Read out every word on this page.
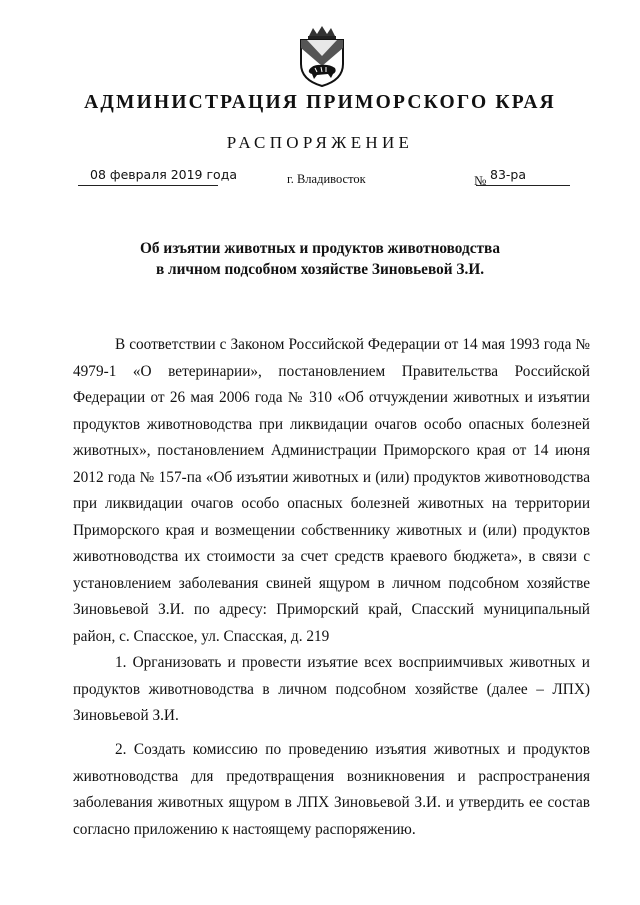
АДМИНИСТРАЦИЯ ПРИМОРСКОГО КРАЯ
РАСПОРЯЖЕНИЕ
08 февраля 2019 года	г. Владивосток	№ 83-ра
Об изъятии животных и продуктов животноводства
в личном подсобном хозяйстве Зиновьевой З.И.

В соответствии с Законом Российской Федерации от 14 мая 1993 года № 4979-1 «О ветеринарии», постановлением Правительства Российской Федерации от 26 мая 2006 года № 310 «Об отчуждении животных и изъятии продуктов животноводства при ликвидации очагов особо опасных болезней животных», постановлением Администрации Приморского края от 14 июня 2012 года № 157-па «Об изъятии животных и (или) продуктов животноводства при ликвидации очагов особо опасных болезней животных на территории Приморского края и возмещении собственнику животных и (или) продуктов животноводства их стоимости за счет средств краевого бюджета», в связи с установлением заболевания свиней ящуром в личном подсобном хозяйстве Зиновьевой З.И. по адресу: Приморский край, Спасский муниципальный район, с. Спасское, ул. Спасская, д. 219

1. Организовать и провести изъятие всех восприимчивых животных и продуктов животноводства в личном подсобном хозяйстве (далее – ЛПХ) Зиновьевой З.И.

2. Создать комиссию по проведению изъятия животных и продуктов животноводства для предотвращения возникновения и распространения заболевания животных ящуром в ЛПХ Зиновьевой З.И. и утвердить ее состав согласно приложению к настоящему распоряжению.
